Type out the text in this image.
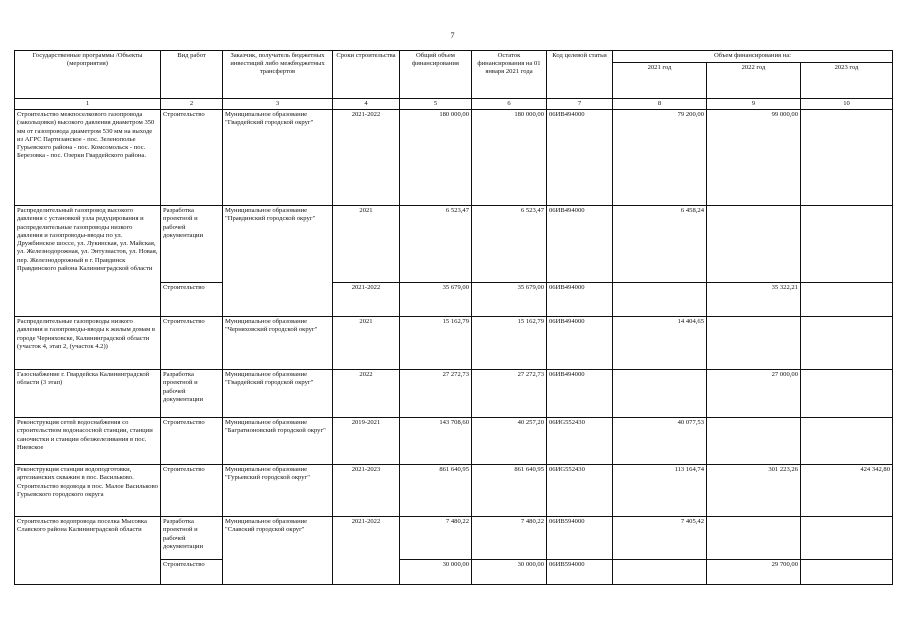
7
Государственные программы /Объекты (мероприятия)	Вид работ	Заказчик, получатель бюджетных инвестиций либо межбюджетных трансфертов	Сроки строительства	Общий объем финансирования	Остаток финансирования на 01 января 2021 года	Код целевой статьи	Объем финансирования на:		
							2021 год	2022 год	2023 год
1	2	3	4	5	6	7	8	9	10
Строительство межпоселкового газопровода (закольцовки) высокого давления диаметром 350 мм от газопровода диаметром 530 мм на выходе из АГРС Партизанское - пос. Зеленополье Гурьевского района - пос. Комсомольск - пос. Березовка - пос. Озерки Гвардейского района.	Строительство	Муниципальное образование "Гвардейский городской округ"	2021-2022	180 000,00	180 000,00	06ИВ494000	79 200,00	99 000,00	
Распределительный газопровод высокого давления с установкой узла редуцирования и распределительные газопроводы низкого давления и газопроводы-вводы по ул. Дружбинское шоссе, ул. Лукинская, ул. Майская, ул. Железнодорожная, ул. Энтузиастов, ул. Новая, пер. Железнодорожный в г. Правдинск Правдинского района Калининградской области	Разработка проектной и рабочей документации	Муниципальное образование "Правдинский городской округ"	2021	6 523,47	6 523,47	06ИВ494000	6 458,24		
	Строительство		2021-2022	35 679,00	35 679,00	06ИВ494000		35 322,21	
Распределительные газопроводы низкого давления и газопроводы-вводы к жилым домам в городе Черняховске, Калининградской области (участок 4, этап 2, (участок 4.2))	Строительство	Муниципальное образование "Черняховский городской округ"	2021	15 162,79	15 162,79	06ИВ494000	14 404,65		
Газоснабжение г. Гвардейска Калининградской области (3 этап)	Разработка проектной и рабочей документации	Муниципальное образование "Гвардейский городской округ"	2022	27 272,73	27 272,73	06ИВ494000		27 000,00	
Реконструкция сетей водоснабжения со строительством водонасосной станции, станции саночистки и станции обезжелезивания в пос. Ниевское	Строительство	Муниципальное образование "Багратионовский городской округ"	2019-2021	143 708,60	40 257,20	06ИG552430	40 077,53		
Реконструкция станции водоподготовки, артезианских скважин в пос. Васильково. Строительство водовода в пос. Малое Васильково Гурьевского городского округа	Строительство	Муниципальное образование "Гурьевский городской округ"	2021-2023	861 640,95	861 640,95	06ИG552430	113 164,74	301 223,26	424 342,80
Строительство водопровода поселка Мысовка Славского района Калининградской области	Разработка проектной и рабочей документации	Муниципальное образование "Славский городской округ"	2021-2022	7 480,22	7 480,22	06ИВ594000	7 405,42		
	Строительство			30 000,00	30 000,00	06ИВ594000		29 700,00	
